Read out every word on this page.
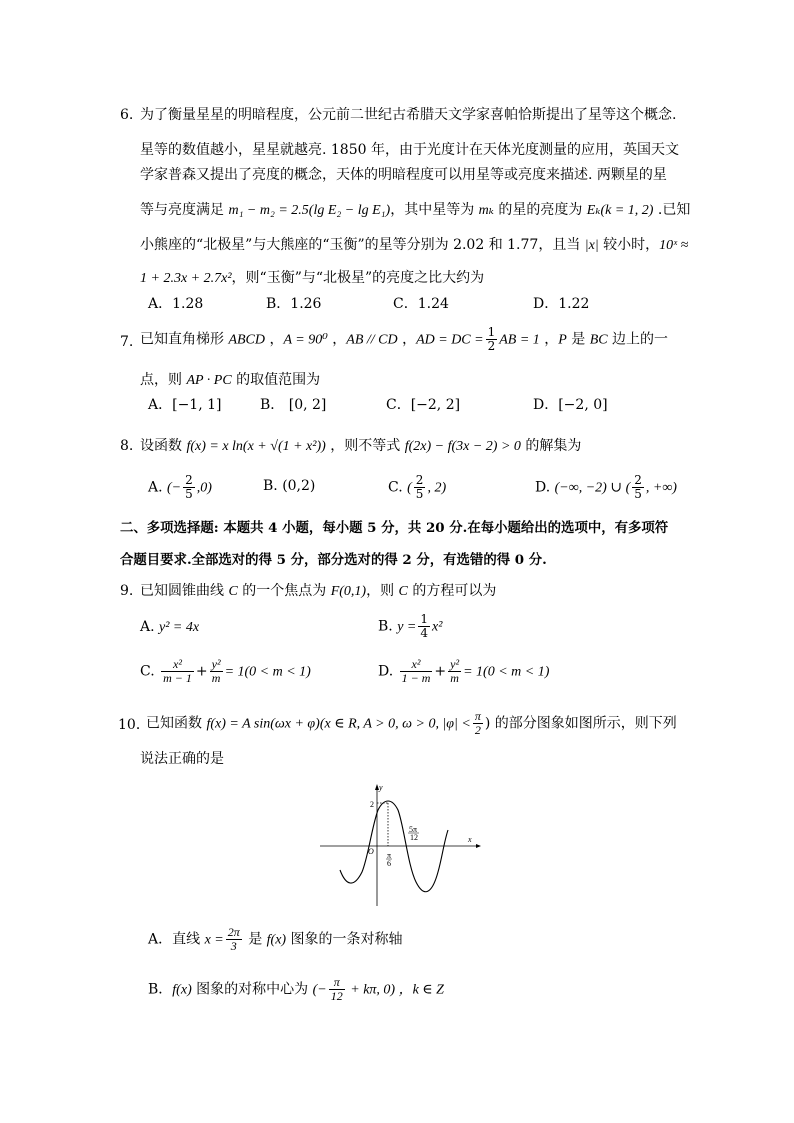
6. 为了衡量星星的明暗程度，公元前二世纪古希腊天文学家喜帕恰斯提出了星等这个概念.
星等的数值越小，星星就越亮. 1850 年，由于光度计在天体光度测量的应用，英国天文
学家普森又提出了亮度的概念，天体的明暗程度可以用星等或亮度来描述. 两颗星的星
等与亮度满足 m₁ − m₂ = 2.5(lg E₂ − lg E₁)，其中星等为 mₖ 的星的亮度为 Eₖ(k = 1, 2) .已知
小熊座的“北极星”与大熊座的“玉衡”的星等分别为 2.02 和 1.77，且当 |x| 较小时，10ˣ ≈
1 + 2.3x + 2.7x²，则“玉衡”与“北极星”的亮度之比大约为
A．1.28	B．1.26	C．1.24	D．1.22
7. 已知直角梯形 ABCD ，A = 90⁰ ，AB // CD ，AD = DC = $\frac{1}{2}$ AB = 1 ，P 是 BC 边上的一
点，则 AP · PC 的取值范围为
A．[−1, 1]	B． [0, 2]	C．[−2, 2]	D．[−2, 0]
8. 设函数 f(x) = x ln(x + √(1 + x²)) ，则不等式 f(2x) − f(3x − 2) > 0 的解集为
A. (− $\frac{2}{5} ,0$)	B. (0,2)	C. ( $\frac{2}{5}$ , 2)	D. (−∞, −2) ∪ ( $\frac{2}{5}$ , +∞)
二、多项选择题: 本题共 4 小题，每小题 5 分，共 20 分.在每小题给出的选项中，有多项符
合题目要求.全部选对的得 5 分，部分选对的得 2 分，有选错的得 0 分.
9. 已知圆锥曲线 C 的一个焦点为 F(0,1)，则 C 的方程可以为
A. y² = 4x	B. $y = \frac{1}{4} x^2$
C. $\frac{\text{x²}}{m - 1} + \frac{\text{y²}}{m} = 1(0 < m < 1)$	D. $\frac{\text{x²}}{1 - m} + \frac{\text{y²}}{m} = 1(0 < m < 1)$
10．
已知函数 f(x) = A sin(ωx + φ)(x ∈ R, A > 0, ω > 0, $|\varphi| < \frac{\pi}{2}$ ) 的部分图象如图所示，则下列
说法正确的是
y
x
O
2
π
6
5π
12
A．直线 $x = \frac{2\pi}{3}$ 是 f(x) 图象的一条对称轴
B．f(x) 图象的对称中心为 (− $\frac{\pi}{12} + k\pi$, 0) ，k ∈ Z
